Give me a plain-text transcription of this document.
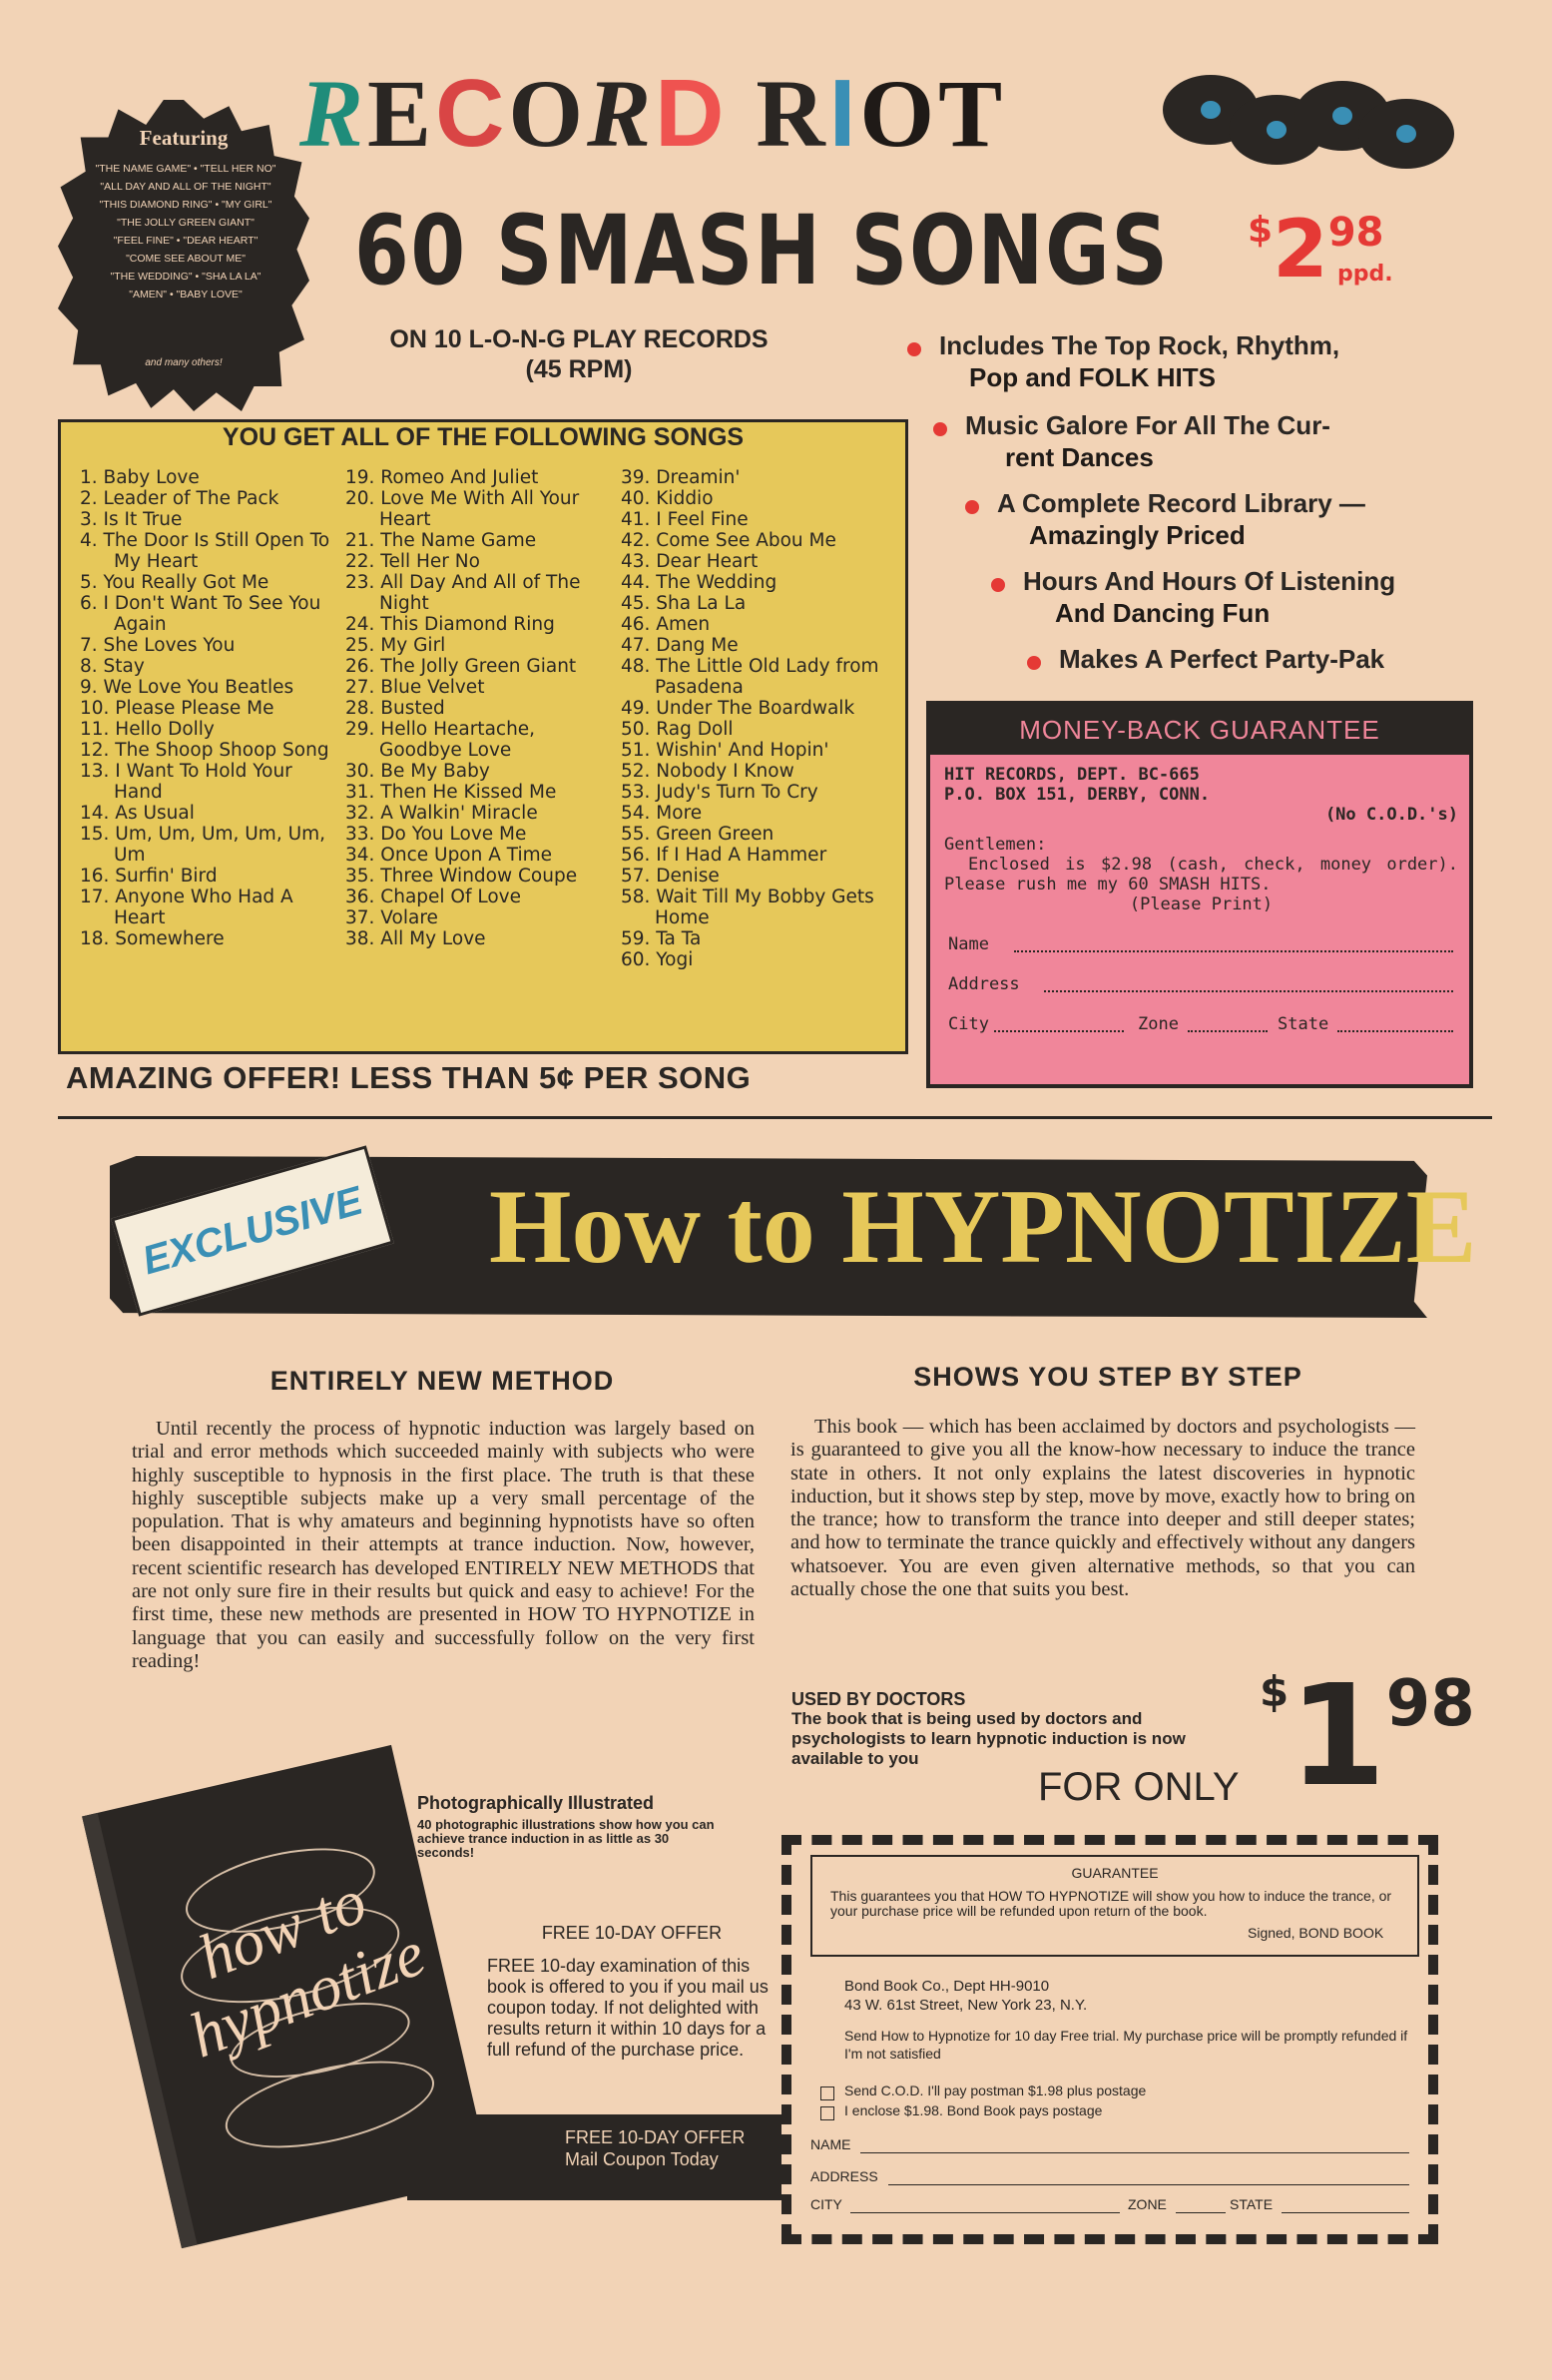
Featuring
"THE NAME GAME" • "TELL HER NO"
"ALL DAY AND ALL OF THE NIGHT"
"THIS DIAMOND RING" • "MY GIRL"
"THE JOLLY GREEN GIANT"
"FEEL FINE" • "DEAR HEART"
"COME SEE ABOUT ME"
"THE WEDDING" • "SHA LA LA"
"AMEN" • "BABY LOVE"
and many others!
RECORD RIOT
60 SMASH SONGS $298
ppd.
ON 10 L-O-N-G PLAY RECORDS
(45 RPM)
Includes The Top Rock, Rhythm,
Pop and FOLK HITS
Music Galore For All The Cur-
rent Dances
A Complete Record Library —
Amazingly Priced
Hours And Hours Of Listening
And Dancing Fun
Makes A Perfect Party-Pak
YOU GET ALL OF THE FOLLOWING SONGS
1. Baby Love
2. Leader of The Pack
3. Is It True
4. The Door Is Still Open To My Heart
5. You Really Got Me
6. I Don't Want To See You Again
7. She Loves You
8. Stay
9. We Love You Beatles
10. Please Please Me
11. Hello Dolly
12. The Shoop Shoop Song
13. I Want To Hold Your Hand
14. As Usual
15. Um, Um, Um, Um, Um, Um
16. Surfin' Bird
17. Anyone Who Had A Heart
18. Somewhere
19. Romeo And Juliet
20. Love Me With All Your Heart
21. The Name Game
22. Tell Her No
23. All Day And All of The Night
24. This Diamond Ring
25. My Girl
26. The Jolly Green Giant
27. Blue Velvet
28. Busted
29. Hello Heartache, Goodbye Love
30. Be My Baby
31. Then He Kissed Me
32. A Walkin' Miracle
33. Do You Love Me
34. Once Upon A Time
35. Three Window Coupe
36. Chapel Of Love
37. Volare
38. All My Love
39. Dreamin'
40. Kiddio
41. I Feel Fine
42. Come See Abou Me
43. Dear Heart
44. The Wedding
45. Sha La La
46. Amen
47. Dang Me
48. The Little Old Lady from Pasadena
49. Under The Boardwalk
50. Rag Doll
51. Wishin' And Hopin'
52. Nobody I Know
53. Judy's Turn To Cry
54. More
55. Green Green
56. If I Had A Hammer
57. Denise
58. Wait Till My Bobby Gets Home
59. Ta Ta
60. Yogi
AMAZING OFFER! LESS THAN 5¢ PER SONG
MONEY-BACK GUARANTEE
HIT RECORDS, DEPT. BC-665
P.O. BOX 151, DERBY, CONN.
(No C.O.D.'s)
Gentlemen:
Enclosed is $2.98 (cash, check, money order). Please rush me my 60 SMASH HITS.
(Please Print)
Name
Address
City	Zone	State
How to HYPNOTIZE
EXCLUSIVE
ENTIRELY NEW METHOD	SHOWS YOU STEP BY STEP
Until recently the process of hypnotic induction was largely based on trial and error methods which succeeded mainly with subjects who were highly susceptible to hypnosis in the first place. The truth is that these highly susceptible subjects make up a very small percentage of the population. That is why amateurs and beginning hypnotists have so often been disappointed in their attempts at trance induction. Now, however, recent scientific research has developed ENTIRELY NEW METHODS that are not only sure fire in their results but quick and easy to achieve! For the first time, these new methods are presented in HOW TO HYPNOTIZE in language that you can easily and successfully follow on the very first reading!
This book — which has been acclaimed by doctors and psychologists — is guaranteed to give you all the know-how necessary to induce the trance state in others. It not only explains the latest discoveries in hypnotic induction, but it shows step by step, move by move, exactly how to bring on the trance; how to transform the trance into deeper and still deeper states; and how to terminate the trance quickly and effectively without any dangers whatsoever. You are even given alternative methods, so that you can actually chose the one that suits you best.
USED BY DOCTORS
The book that is being used by doctors and psychologists to learn hypnotic induction is now available to you
FOR ONLY
$198
how to hypnotize
Photographically Illustrated
40 photographic illustrations show how you can achieve trance induction in as little as 30 seconds!
FREE 10-DAY OFFER
FREE 10-day examination of this book is offered to you if you mail us coupon today. If not delighted with results return it within 10 days for a full refund of the purchase price.
FREE 10-DAY OFFER
Mail Coupon Today
GUARANTEE
This guarantees you that HOW TO HYPNOTIZE will show you how to induce the trance, or your purchase price will be refunded upon return of the book.
Signed, BOND BOOK
Bond Book Co., Dept HH-9010
43 W. 61st Street, New York 23, N.Y.
Send How to Hypnotize for 10 day Free trial. My purchase price will be promptly refunded if I'm not satisfied
Send C.O.D. I'll pay postman $1.98 plus postage
I enclose $1.98. Bond Book pays postage
NAME
ADDRESS
CITY	ZONE	STATE
